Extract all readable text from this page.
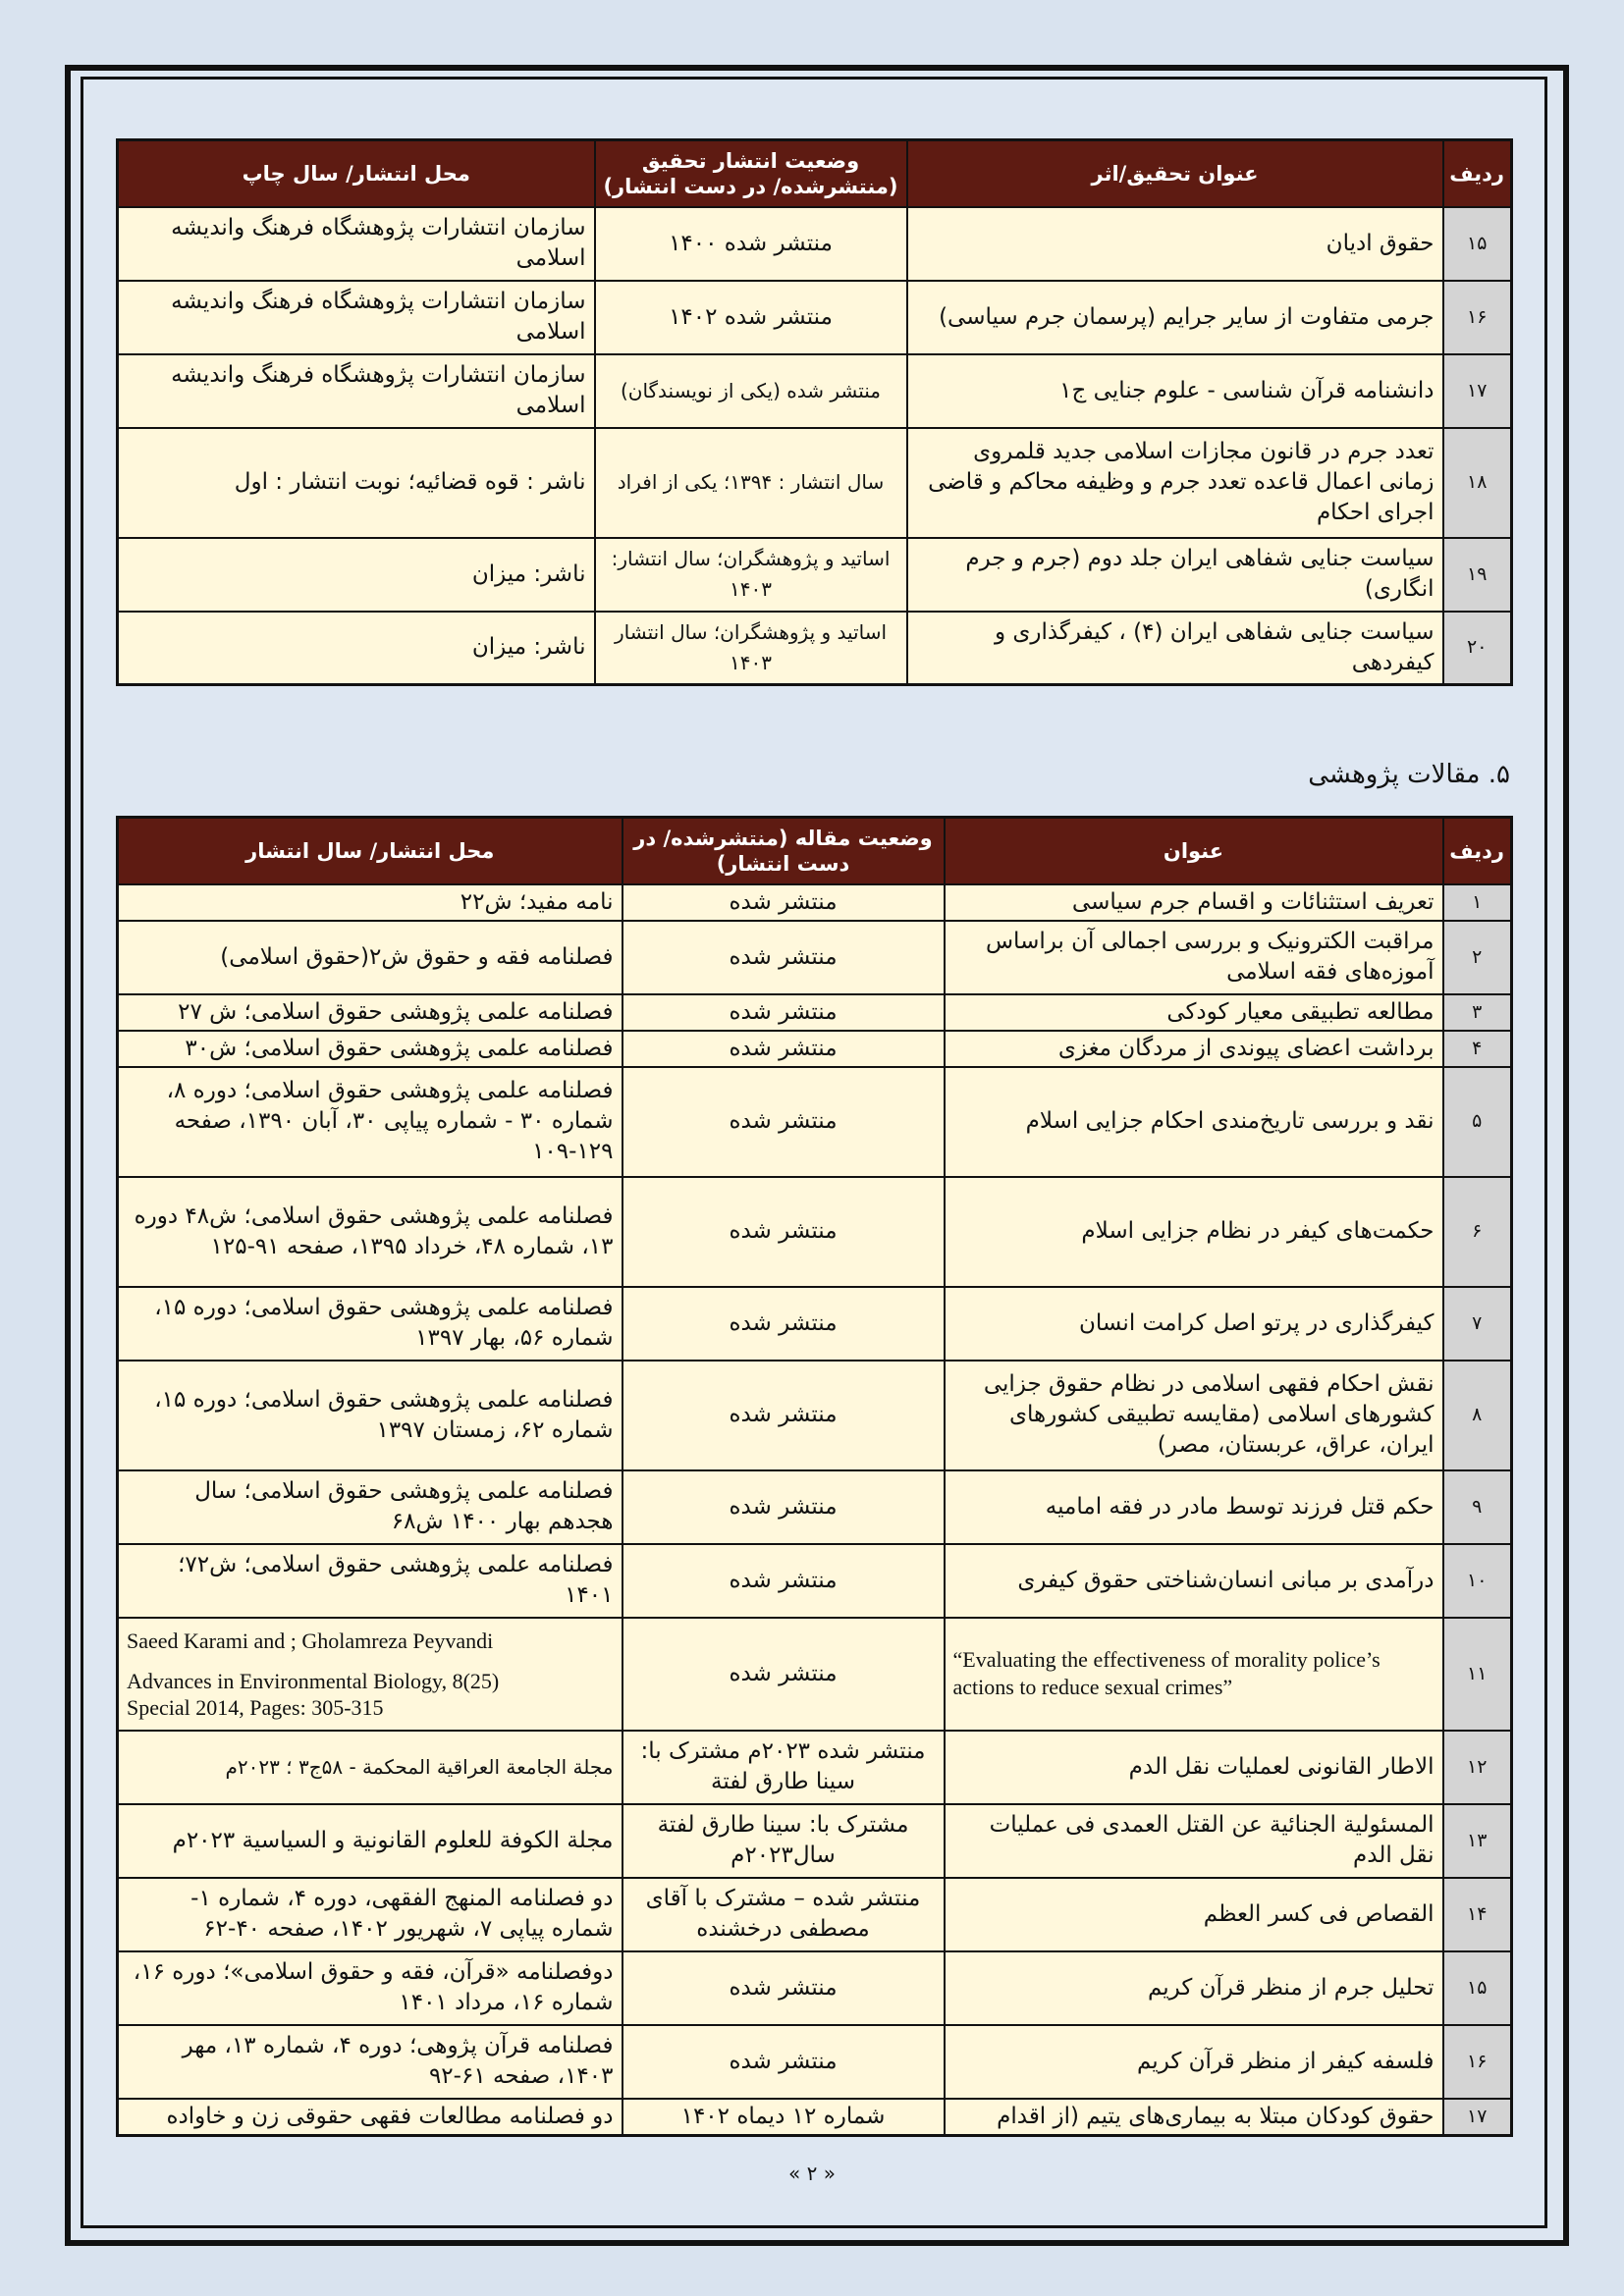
ردیف	عنوان تحقیق/اثر	وضعیت انتشار تحقیق (منتشرشده/ در دست انتشار)	محل انتشار/ سال چاپ
۱۵	حقوق ادیان	منتشر شده ۱۴۰۰	سازمان انتشارات پژوهشگاه فرهنگ واندیشه اسلامی
۱۶	جرمی متفاوت از سایر جرایم (پرسمان جرم سیاسی)	منتشر شده ۱۴۰۲	سازمان انتشارات پژوهشگاه فرهنگ واندیشه اسلامی
۱۷	دانشنامه قرآن شناسی - علوم جنایی ج۱	منتشر شده (یکی از نویسندگان)	سازمان انتشارات پژوهشگاه فرهنگ واندیشه اسلامی
۱۸	تعدد جرم در قانون مجازات اسلامی جدید قلمروی زمانی اعمال قاعده تعدد جرم و وظیفه محاکم و قاضی اجرای احکام	سال انتشار : ۱۳۹۴؛ یکی از افراد	ناشر : قوه قضائیه؛ نوبت انتشار : اول
۱۹	سیاست جنایی شفاهی ایران جلد دوم (جرم و جرم انگاری)	اساتید و پژوهشگران؛ سال انتشار: ۱۴۰۳	ناشر: میزان
۲۰	سیاست جنایی شفاهی ایران (۴) ، کیفرگذاری و کیفردهی	اساتید و پژوهشگران؛ سال انتشار ۱۴۰۳	ناشر: میزان
۵. مقالات پژوهشی
ردیف	عنوان	وضعیت مقاله (منتشرشده/ در دست انتشار)	محل انتشار/ سال انتشار
۱	تعریف استثنائات و اقسام جرم سیاسی	منتشر شده	نامه مفید؛ ش۲۲
۲	مراقبت الکترونیک و بررسی اجمالی آن براساس آموزه‌های فقه اسلامی	منتشر شده	فصلنامه فقه و حقوق ش۲(حقوق اسلامی)
۳	مطالعه تطبیقی معیار کودکی	منتشر شده	فصلنامه علمی پژوهشی حقوق اسلامی؛ ش ۲۷
۴	برداشت اعضای پیوندی از مردگان مغزی	منتشر شده	فصلنامه علمی پژوهشی حقوق اسلامی؛ ش۳۰
۵	نقد و بررسی تاریخ‌مندی احکام جزایی اسلام	منتشر شده	فصلنامه علمی پژوهشی حقوق اسلامی؛ دوره ۸، شماره ۳۰ - شماره پیاپی ۳۰، آبان ۱۳۹۰، صفحه ۱۲۹-۱۰۹
۶	حکمت‌های کیفر در نظام جزایی اسلام	منتشر شده	فصلنامه علمی پژوهشی حقوق اسلامی؛ ش۴۸ دوره ۱۳، شماره ۴۸، خرداد ۱۳۹۵، صفحه ۹۱-۱۲۵
۷	کیفرگذاری در پرتو اصل کرامت انسان	منتشر شده	فصلنامه علمی پژوهشی حقوق اسلامی؛ دوره ۱۵، شماره ۵۶، بهار ۱۳۹۷
۸	نقش احکام فقهی اسلامی در نظام حقوق جزایی کشورهای اسلامی (مقایسه تطبیقی کشورهای ایران، عراق، عربستان، مصر)	منتشر شده	فصلنامه علمی پژوهشی حقوق اسلامی؛ دوره ۱۵، شماره ۶۲، زمستان ۱۳۹۷
۹	حکم قتل فرزند توسط مادر در فقه امامیه	منتشر شده	فصلنامه علمی پژوهشی حقوق اسلامی؛ سال هجدهم بهار ۱۴۰۰ ش۶۸
۱۰	درآمدی بر مبانی انسان‌شناختی حقوق کیفری	منتشر شده	فصلنامه علمی پژوهشی حقوق اسلامی؛ ش۷۲؛ ۱۴۰۱
۱۱	“Evaluating the effectiveness of morality police’s actions to reduce sexual crimes”	منتشر شده	Saeed Karami and ; Gholamreza Peyvandi
Advances in Environmental Biology, 8(25)
Special 2014, Pages: 305-315

۱۲	الاطار القانونی لعملیات نقل الدم	منتشر شده ۲۰۲۳م مشترک با: سینا طارق لفتة	مجلة الجامعة العراقیة المحکمة - ۵۸ج۳ ؛ ۲۰۲۳م
۱۳	المسئولیة الجنائیة عن القتل العمدی فی عملیات نقل الدم	مشترک با: سینا طارق لفتة سال۲۰۲۳م	مجلة الکوفة للعلوم القانونیة و السیاسیة ۲۰۲۳م
۱۴	القصاص فی کسر العظم	منتشر شده – مشترک با آقای مصطفی درخشنده	دو فصلنامه المنهج الفقهی، دوره ۴، شماره ۱- شماره پیاپی ۷، شهریور ۱۴۰۲، صفحه ۴۰-۶۲
۱۵	تحلیل جرم از منظر قرآن کریم	منتشر شده	دوفصلنامه «قرآن، فقه و حقوق اسلامی»؛ دوره ۱۶، شماره ۱۶، مرداد ۱۴۰۱
۱۶	فلسفه کیفر از منظر قرآن کریم	منتشر شده	فصلنامه قرآن پژوهی؛ دوره ۴، شماره ۱۳، مهر ۱۴۰۳، صفحه ۶۱-۹۲
۱۷	حقوق کودکان مبتلا به بیماری‌های یتیم (از اقدام	شماره ۱۲ دیماه ۱۴۰۲	دو فصلنامه مطالعات فقهی حقوقی زن و خاواده
« ۲ »
